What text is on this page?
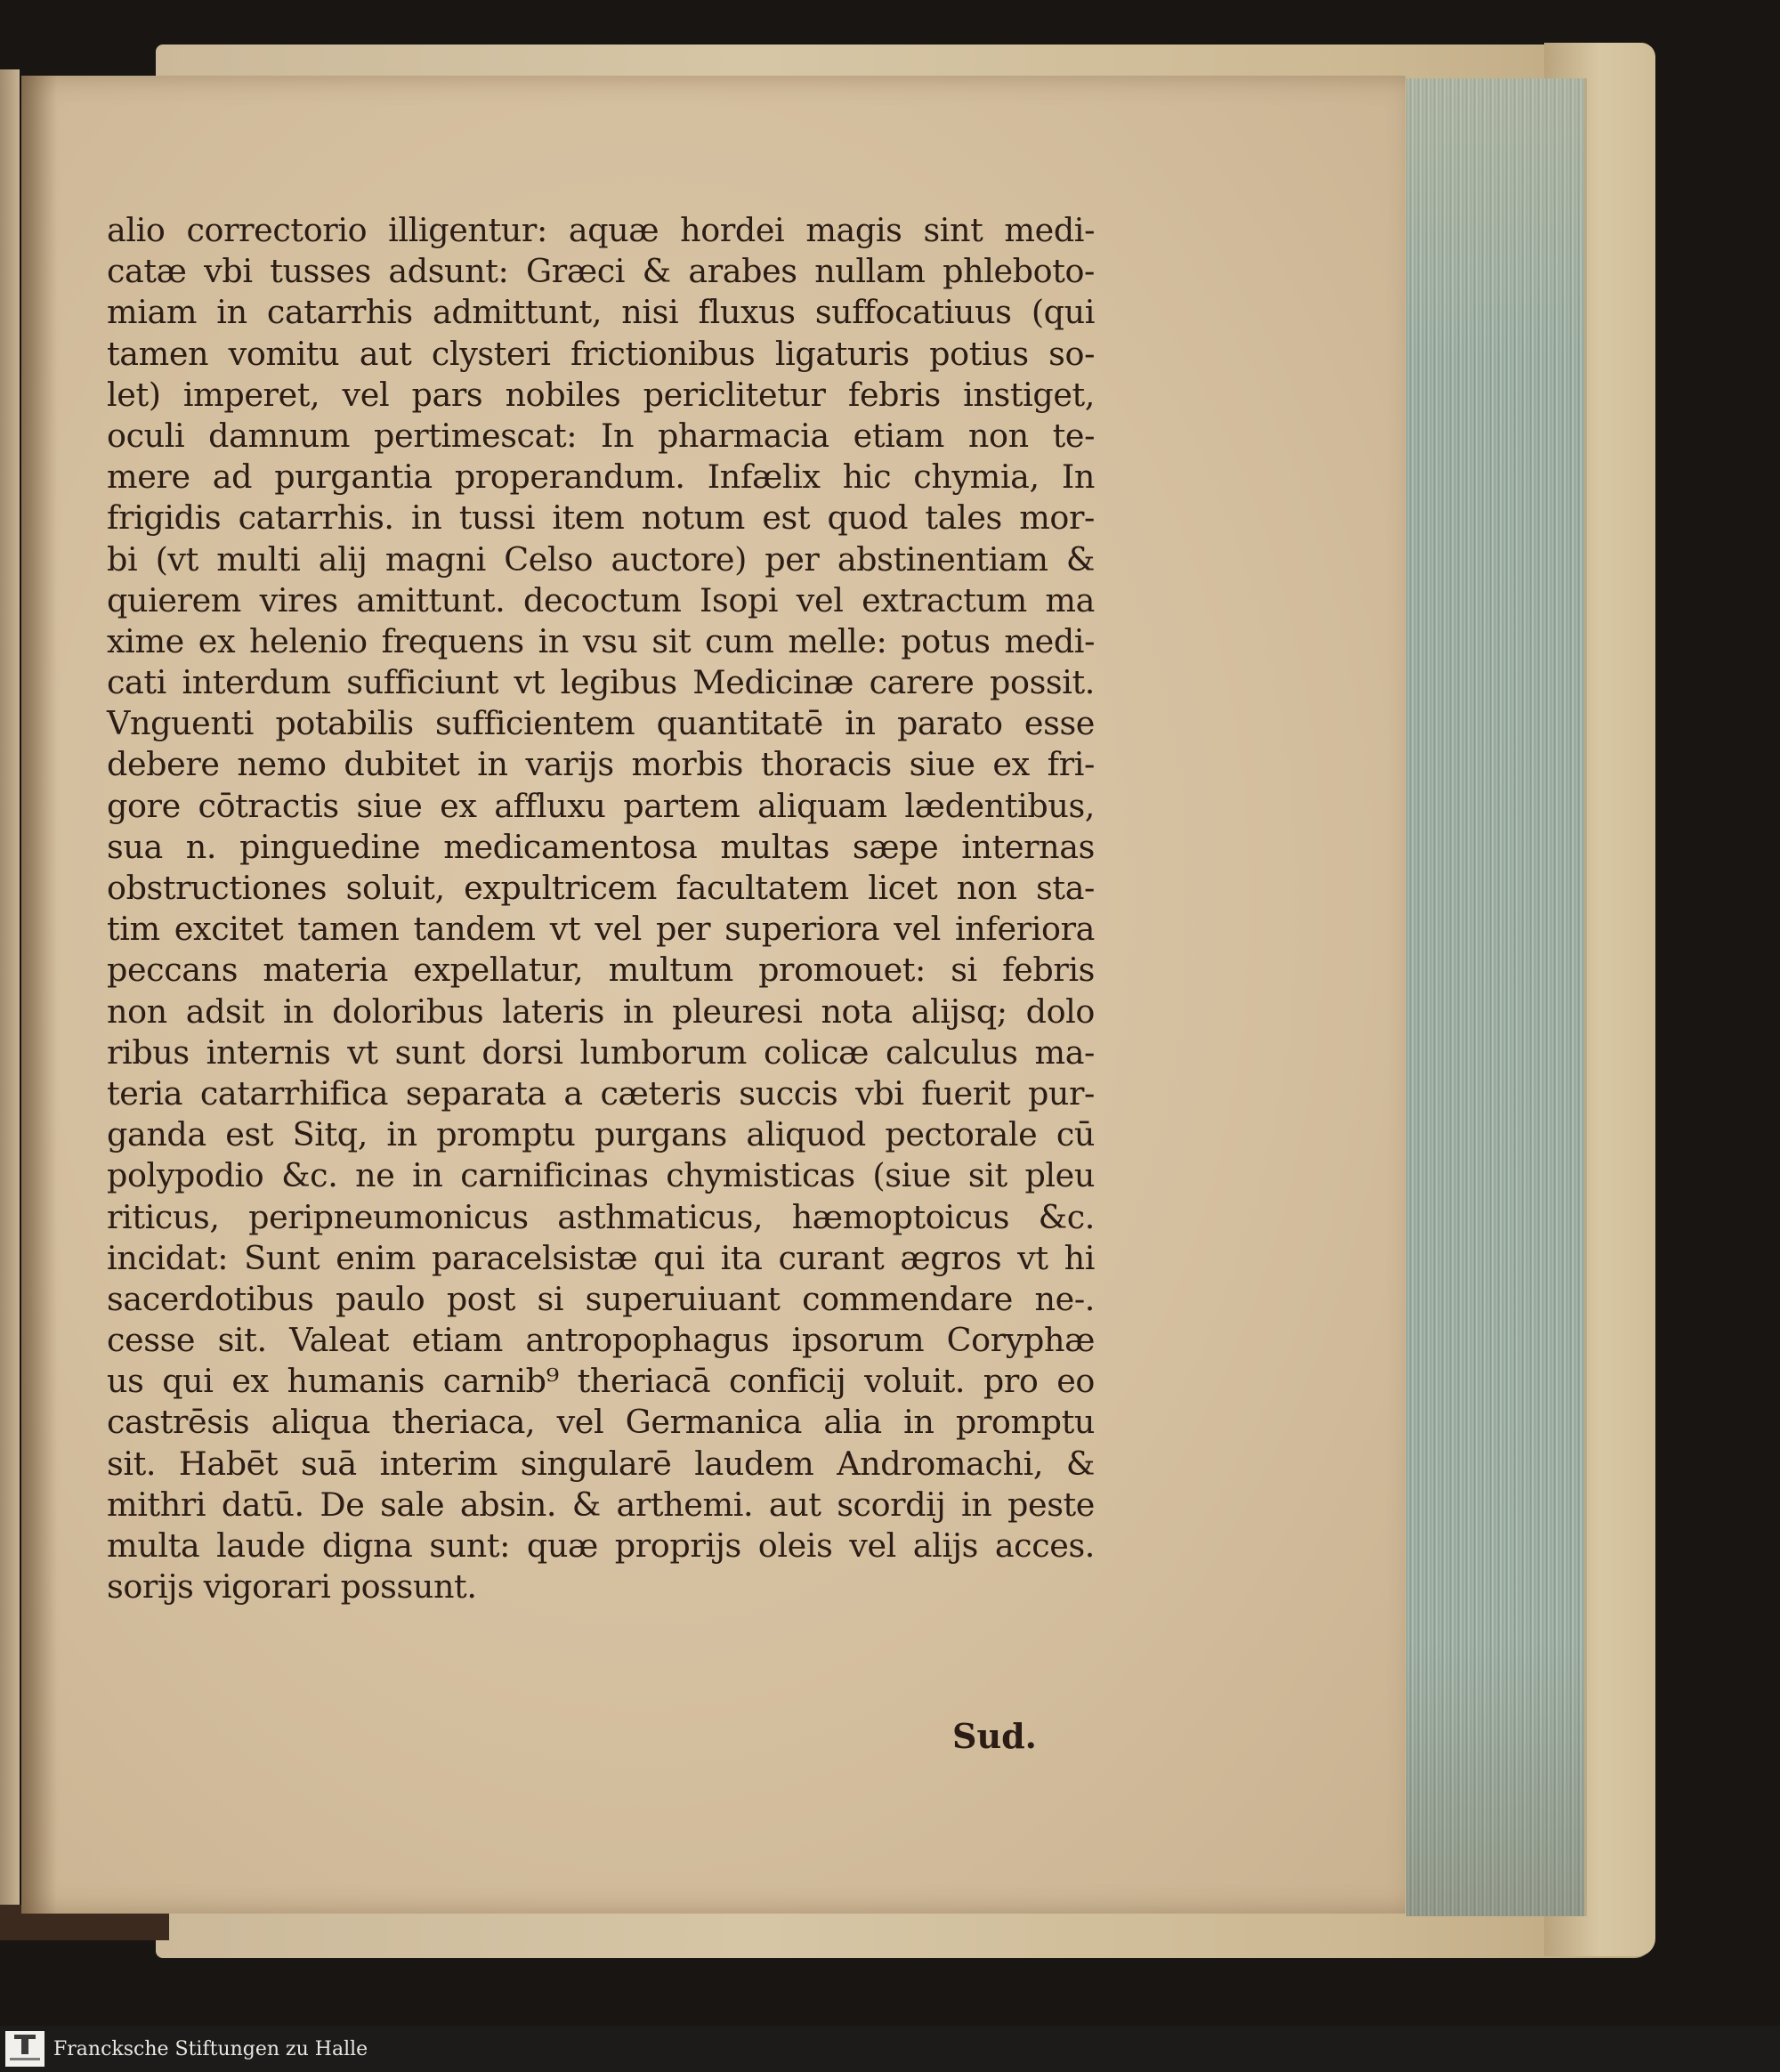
alio correctorio illigentur: aquæ hordei magis sint medi-
catæ vbi tusses adsunt: Græci & arabes nullam phleboto-
miam in catarrhis admittunt, nisi fluxus suffocatiuus (qui
tamen vomitu aut clysteri frictionibus ligaturis potius so-
let) imperet, vel pars nobiles periclitetur febris instiget,
oculi damnum pertimescat: In pharmacia etiam non te-
mere ad purgantia properandum. Infælix hic chymia, In
frigidis catarrhis. in tussi item notum est quod tales mor-
bi (vt multi alij magni Celso auctore) per abstinentiam &
quierem vires amittunt. decoctum Isopi vel extractum ma
xime ex helenio frequens in vsu sit cum melle: potus medi-
cati interdum sufficiunt vt legibus Medicinæ carere possit.
Vnguenti potabilis sufficientem quantitatē in parato esse
debere nemo dubitet in varijs morbis thoracis siue ex fri-
gore cōtractis siue ex affluxu partem aliquam lædentibus,
sua n. pinguedine medicamentosa multas sæpe internas
obstructiones soluit, expultricem facultatem licet non sta-
tim excitet tamen tandem vt vel per superiora vel inferiora
peccans materia expellatur, multum promouet: si febris
non adsit in doloribus lateris in pleuresi nota alijsq; dolo
ribus internis vt sunt dorsi lumborum colicæ calculus ma-
teria catarrhifica separata a cæteris succis vbi fuerit pur-
ganda est Sitq, in promptu purgans aliquod pectorale cū
polypodio &c. ne in carnificinas chymisticas (siue sit pleu
riticus, peripneumonicus asthmaticus, hæmoptoicus &c.
incidat: Sunt enim paracelsistæ qui ita curant ægros vt hi
sacerdotibus paulo post si superuiuant commendare ne-.
cesse sit. Valeat etiam antropophagus ipsorum Coryphæ
us qui ex humanis carnib⁹ theriacā conficij voluit. pro eo
castrēsis aliqua theriaca, vel Germanica alia in promptu
sit. Habēt suā interim singularē laudem Andromachi, &
mithri datū. De sale absin. & arthemi. aut scordij in peste
multa laude digna sunt: quæ proprijs oleis vel alijs acces.
sorijs vigorari possunt.
Sud.
Francksche Stiftungen zu Halle
